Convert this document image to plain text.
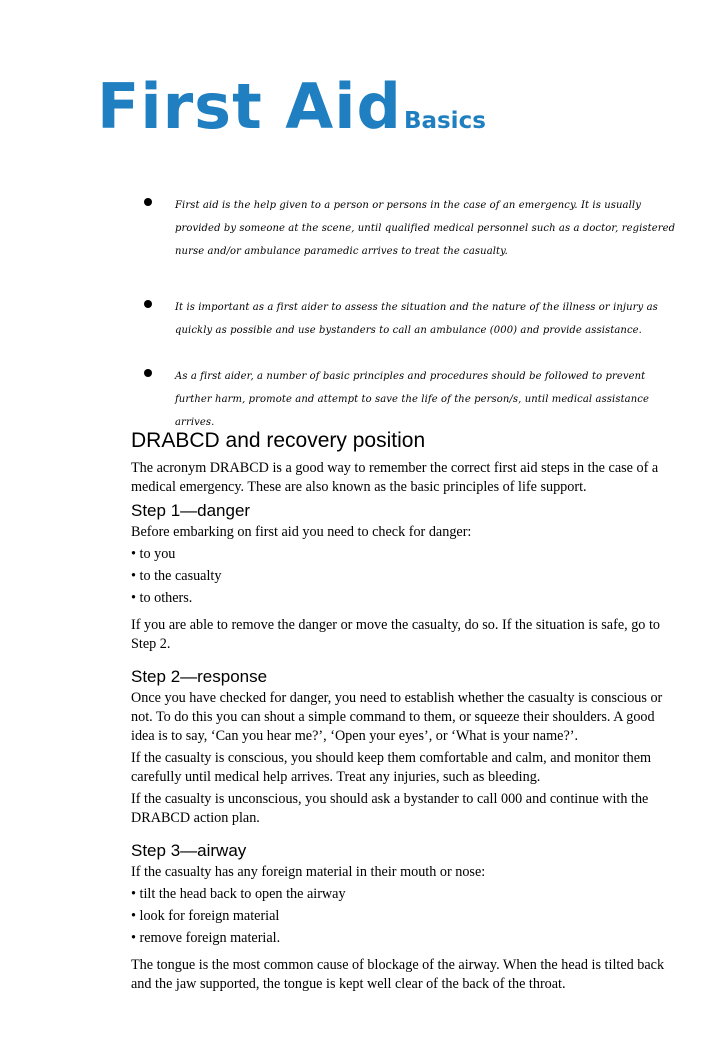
First AidBasics
First aid is the help given to a person or persons in the case of an emergency. It is usually provided by someone at the scene, until qualified medical personnel such as a doctor, registered nurse and/or ambulance paramedic arrives to treat the casualty.
It is important as a first aider to assess the situation and the nature of the illness or injury as quickly as possible and use bystanders to call an ambulance (000) and provide assistance.
As a first aider, a number of basic principles and procedures should be followed to prevent further harm, promote and attempt to save the life of the person/s, until medical assistance arrives.
DRABCD and recovery position

The acronym DRABCD is a good way to remember the correct first aid steps in the case of a medical emergency. These are also known as the basic principles of life support.

Step 1—danger

Before embarking on first aid you need to check for danger:

• to you

• to the casualty

• to others.

If you are able to remove the danger or move the casualty, do so. If the situation is safe, go to Step 2.

Step 2—response

Once you have checked for danger, you need to establish whether the casualty is conscious or not. To do this you can shout a simple command to them, or squeeze their shoulders. A good idea is to say, ‘Can you hear me?’, ‘Open your eyes’, or ‘What is your name?’.

If the casualty is conscious, you should keep them comfortable and calm, and monitor them carefully until medical help arrives. Treat any injuries, such as bleeding.

If the casualty is unconscious, you should ask a bystander to call 000 and continue with the DRABCD action plan.

Step 3—airway

If the casualty has any foreign material in their mouth or nose:

• tilt the head back to open the airway

• look for foreign material

• remove foreign material.

The tongue is the most common cause of blockage of the airway. When the head is tilted back and the jaw supported, the tongue is kept well clear of the back of the throat.
